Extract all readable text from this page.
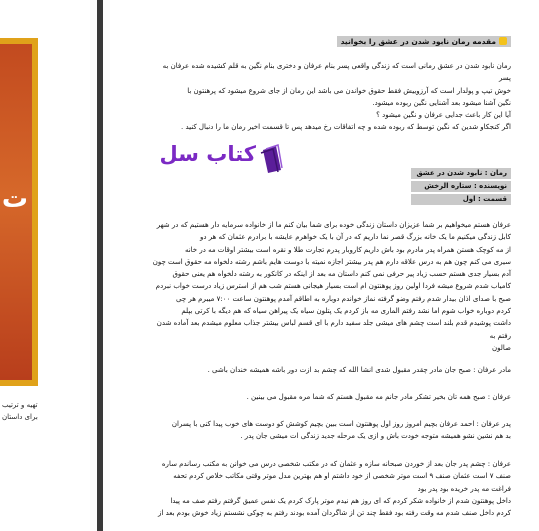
ت
تهیه و ترتیب
برای داستان
مقدمه رمان نابود شدن در عشق را بخوانید
رمان نابود شدن در عشق رمانی است که زندگی واقعی پسر بنام عرفان و دختری بنام نگین به قلم کشیده شده عرفان به پسر
خوش تیپ و پولدار است که آرزوییش فقط حقوق خواندن می باشد این رمان از جای شروع میشود که پرهنتون با
نگین آشنا میشود بعد آشنایی نگین ربوده میشود.
آیا این کار باعث جدایی عرفان و نگین میشود ؟
اگر کنجکاو شدین که نگین توسط که ربوده شده و چه اتفاقات رخ میدهد پس تا قسمت اخیر رمان ما را دنبال کنید .
کتاب سل
رمان : نابود شدن در عشق
نویسنده : ستاره الرخش
قسمت : اول
عرفان هستم میخواهیم بر شما عزیزان داستان زندگی خوده برای شما بیان کنم ما از خانواده سرمایه دار هستیم که در شهر
کابل زندگی میکنیم ما یک خانه بزرگ قصر نما داریم که در آن با یک خواهرم عایشه با برادرم عثمان که هر دو
از مه کوچک هستن همراه پدر مادرم بود باش داریم کاروبار پدرم تجارت طلا و نقره است بیشتر اوقات مه در خانه
سیری می کنم چون هم به درس علاقه دارم هم پدر بیشتر اجازه نمیته با دوست هایم باشم رشته دلخواه مه حقوق است چون
آدم بسیار جدی هستم حسب زیاد پیر حرفی نمی کنم داستان مه بعد از اینکه در کانکور به رشته دلخواه هم یعنی حقوق
کامیاب شدم شروع میشه فردا اولین روز پوهنتون ام است بسیار هیجانی هستم شب هم از استرس زیاد درست خواب نبردم
صبح با صدای اذان بیدار شدم رفتم وضو گرفته نماز خواندم دوباره به اطاقم آمدم پوهنتون ساعت ۷:۰۰ میبرم هر چی
کردم دوباره خواب شوم اما نشد رفتم الماری مه باز کردم یک پتلون سیاه یک پیراهن سیاه که هم دیگه با کرتی بپلم
داشت پوشیدم قدم بلند است چشم های میشی جلد سفید دارم با ای قسم لباس بیشتر جذاب معلوم میشدم بعد آماده شدن رفتم به
صالون
مادر عرفان : صبح جان مادر چقدر مقبول شدی انشا الله که چشم بد ازت دور باشه همیشه خندان باشی .
عرفان : صبح همه تان بخیر تشکر مادر جانم مه مقبول هستم که شما مره مقبول می بینین .
پدر عرفان : احمد عرفان بچیم امروز روز اول پوهنتون است ببین بچیم کوشش کو دوست های خوب پیدا کنی با پسران
بد هم نشین نشو همیشه متوجه خودت باش و ازی یک مرحله جدید زندگی ات میشی جان پدر .
عرفان : چشم پدر جان بعد از خوردن صبحانه سازه و عثمان که در مکتب شخصی درس می خوانن به مکتب رساندم ساره
صنف ۷ است عثمان صنف ۹ است موتر شخصی از خود داشتم او هم بهترین مدل موتر وقتی مکاتب خلاص کردم تحفه
فراغت مه پدر خریده بود پدر بود
داخل پوهنتون شدم از خانواده شکر کردم که ای روز هم نیدم موتر پارک کردم یک نفس عمیق گرفتم رفتم صف مه پیدا
کردم داخل صنف شدم مه وقت رفته بود فقط چند تن از شاگردان آمده بودند رفتم به چوکی نشستم زیاد خوش بودم بعد از
